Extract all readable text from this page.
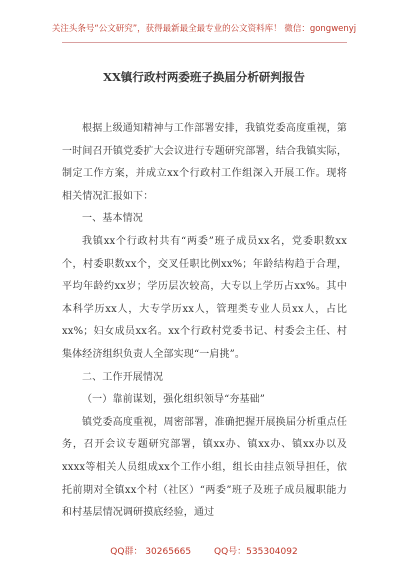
关注头条号“公文研究”，获得最新最全最专业的公文资料库！ 微信：gongwenyj
XX镇行政村两委班子换届分析研判报告

根据上级通知精神与工作部署安排，我镇党委高度重视，第一时间召开镇党委扩大会议进行专题研究部署，结合我镇实际，制定工作方案，并成立xx个行政村工作组深入开展工作。现将相关情况汇报如下：

一、基本情况

我镇xx个行政村共有“两委”班子成员xx名，党委职数xx个，村委职数xx个，交叉任职比例xx%；年龄结构趋于合理，平均年龄约xx岁；学历层次较高，大专以上学历占xx%。其中本科学历xx人，大专学历xx人，管理类专业人员xx人，占比xx%；妇女成员xx名。xx个行政村党委书记、村委会主任、村集体经济组织负责人全部实现“一肩挑”。

二、工作开展情况

（一）靠前谋划，强化组织领导“夯基础”

镇党委高度重视，周密部署，准确把握开展换届分析重点任务，召开会议专题研究部署，镇xx办、镇xx办、镇xx办以及xxxx等相关人员组成xx个工作小组，组长由挂点领导担任，依托前期对全镇xx个村（社区）“两委”班子及班子成员履职能力和村基层情况调研摸底经验，通过

QQ群： 30265665	QQ号：535304092
